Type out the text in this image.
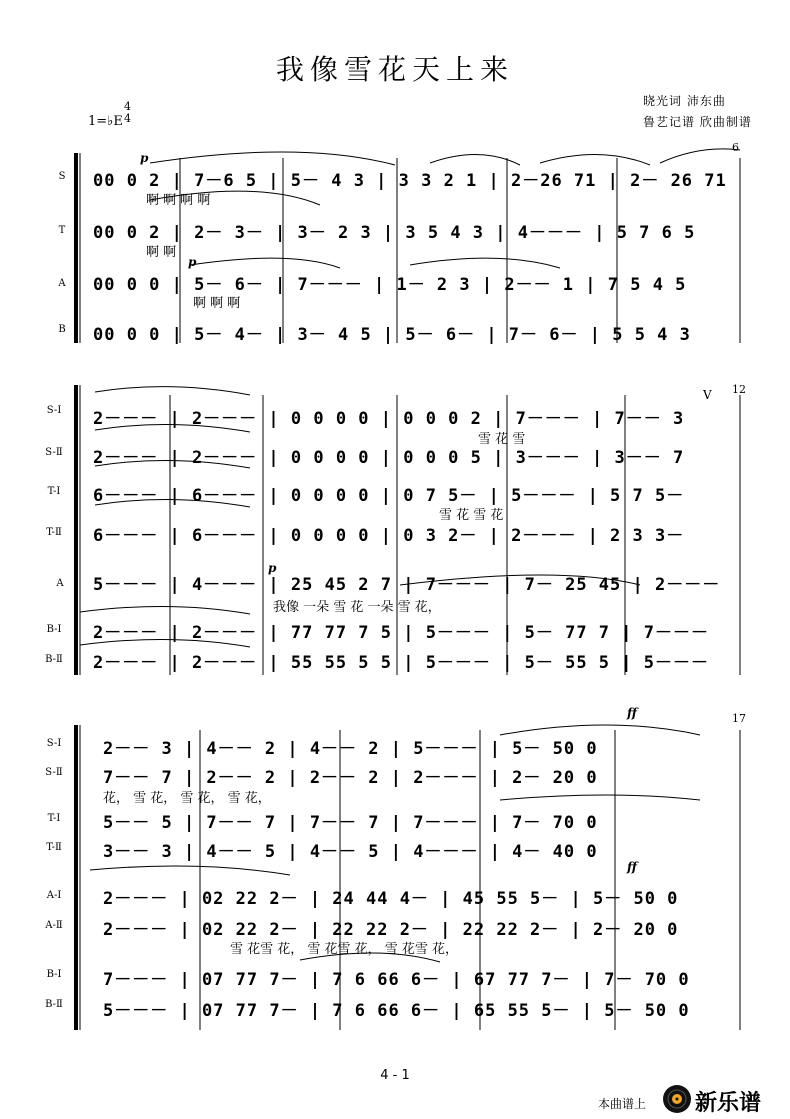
我像雪花天上来
晓光词 沛东曲
鲁艺记谱 欣曲制谱
1=♭E
4
4
6
12
17
p
p
p
ff
ff
V
S
T
A
B
00 0 2 | 7－6 5 | 5－ 4 3 | 3 3 2 1 | 2－26 71 | 2－ 26 71
啊 啊 啊 啊
00 0 2 | 2－ 3－ | 3－ 2 3 | 3 5 4 3 | 4－－－ | 5 7 6 5
啊 啊
00 0 0 | 5－ 6－ | 7－－－ | 1－ 2 3 | 2－－ 1 | 7 5 4 5
啊 啊 啊
00 0 0 | 5－ 4－ | 3－ 4 5 | 5－ 6－ | 7－ 6－ | 5 5 4 3
S-Ⅰ
S-Ⅱ
T-Ⅰ
T-Ⅱ
A
B-Ⅰ
B-Ⅱ
2－－－ | 2－－－ | 0 0 0 0 | 0 0 0 2 | 7－－－ | 7－－ 3
2－－－ | 2－－－ | 0 0 0 0 | 0 0 0 5 | 3－－－ | 3－－ 7
雪 花 雪
6－－－ | 6－－－ | 0 0 0 0 | 0 7 5－ | 5－－－ | 5 7 5－
6－－－ | 6－－－ | 0 0 0 0 | 0 3 2－ | 2－－－ | 2 3 3－
雪 花 雪 花
5－－－ | 4－－－ | 25 45 2 7 | 7－－－ | 7－ 25 45 | 2－－－
我像 一朵 雪 花 一朵 雪 花，
2－－－ | 2－－－ | 77 77 7 5 | 5－－－ | 5－ 77 7 | 7－－－
2－－－ | 2－－－ | 55 55 5 5 | 5－－－ | 5－ 55 5 | 5－－－
S-Ⅰ
S-Ⅱ
T-Ⅰ
T-Ⅱ
A-Ⅰ
A-Ⅱ
B-Ⅰ
B-Ⅱ
2－－ 3 | 4－－ 2 | 4－－ 2 | 5－－－ | 5－ 50 0
7－－ 7 | 2－－ 2 | 2－－ 2 | 2－－－ | 2－ 20 0
花， 雪 花， 雪 花， 雪 花，
5－－ 5 | 7－－ 7 | 7－－ 7 | 7－－－ | 7－ 70 0
3－－ 3 | 4－－ 5 | 4－－ 5 | 4－－－ | 4－ 40 0
2－－－ | 02 22 2－ | 24 44 4－ | 45 55 5－ | 5－ 50 0
2－－－ | 02 22 2－ | 22 22 2－ | 22 22 2－ | 2－ 20 0
雪 花雪 花， 雪 花雪 花， 雪 花雪 花，
7－－－ | 07 77 7－ | 7 6 66 6－ | 67 77 7－ | 7－ 70 0
5－－－ | 07 77 7－ | 7 6 66 6－ | 65 55 5－ | 5－ 50 0
4 - 1
本曲谱上 新乐谱
